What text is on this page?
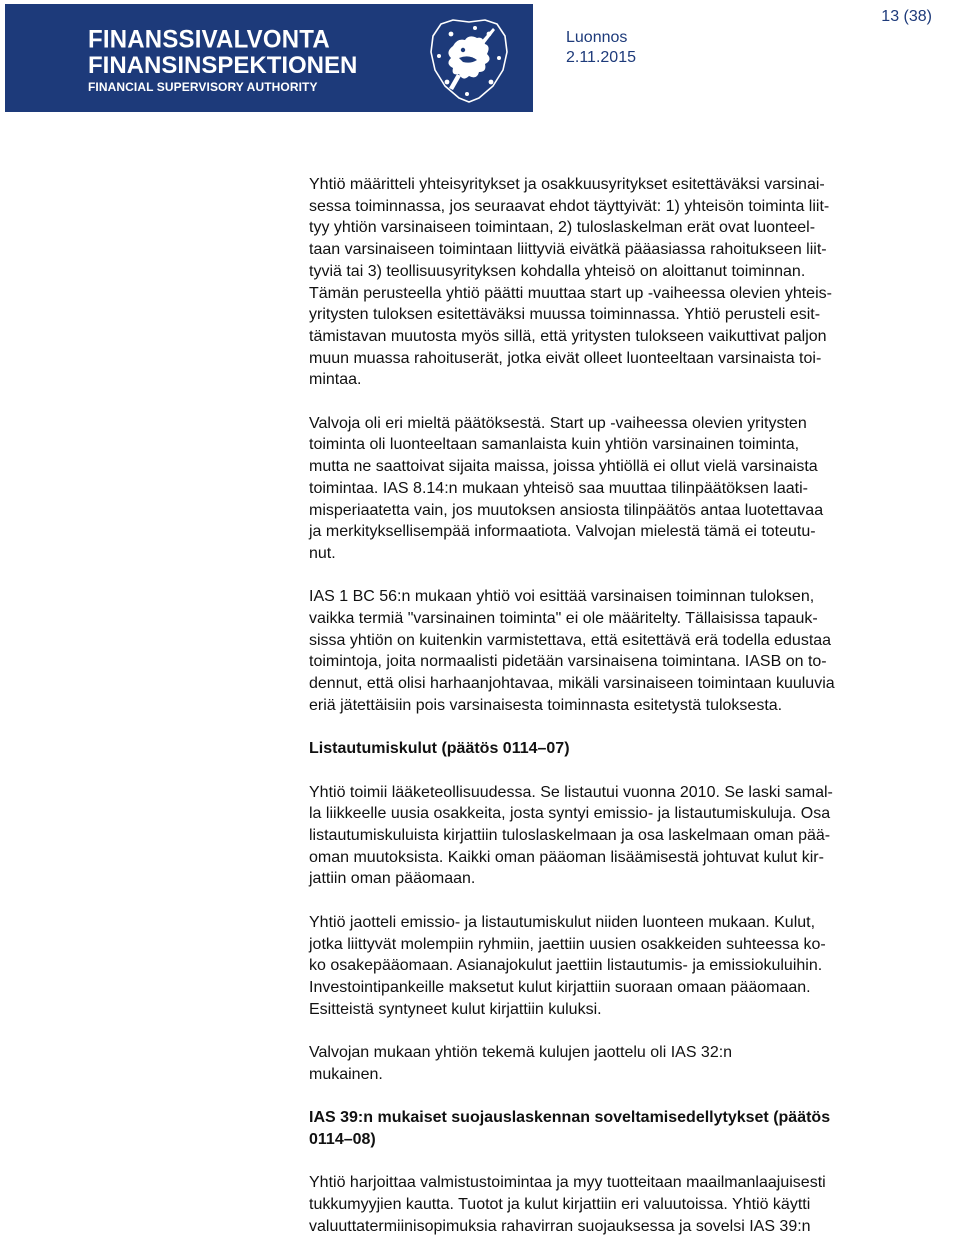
FINANSSIVALVONTA
FINANSINSPEKTIONEN
FINANCIAL SUPERVISORY AUTHORITY
Luonnos
2.11.2015
13 (38)

Yhtiö määritteli yhteisyritykset ja osakkuusyritykset esitettäväksi varsinai-
sessa toiminnassa, jos seuraavat ehdot täyttyivät: 1) yhteisön toiminta liit-
tyy yhtiön varsinaiseen toimintaan, 2) tuloslaskelman erät ovat luonteel-
taan varsinaiseen toimintaan liittyviä eivätkä pääasiassa rahoitukseen liit-
tyviä tai 3) teollisuusyrityksen kohdalla yhteisö on aloittanut toiminnan.
Tämän perusteella yhtiö päätti muuttaa start up -vaiheessa olevien yhteis-
yritysten tuloksen esitettäväksi muussa toiminnassa. Yhtiö perusteli esit-
tämistavan muutosta myös sillä, että yritysten tulokseen vaikuttivat paljon
muun muassa rahoituserät, jotka eivät olleet luonteeltaan varsinaista toi-
mintaa.

Valvoja oli eri mieltä päätöksestä. Start up -vaiheessa olevien yritysten
toiminta oli luonteeltaan samanlaista kuin yhtiön varsinainen toiminta,
mutta ne saattoivat sijaita maissa, joissa yhtiöllä ei ollut vielä varsinaista
toimintaa. IAS 8.14:n mukaan yhteisö saa muuttaa tilinpäätöksen laati-
misperiaatetta vain, jos muutoksen ansiosta tilinpäätös antaa luotettavaa
ja merkityksellisempää informaatiota. Valvojan mielestä tämä ei toteutu-
nut.

IAS 1 BC 56:n mukaan yhtiö voi esittää varsinaisen toiminnan tuloksen,
vaikka termiä "varsinainen toiminta" ei ole määritelty. Tällaisissa tapauk-
sissa yhtiön on kuitenkin varmistettava, että esitettävä erä todella edustaa
toimintoja, joita normaalisti pidetään varsinaisena toimintana. IASB on to-
dennut, että olisi harhaanjohtavaa, mikäli varsinaiseen toimintaan kuuluvia
eriä jätettäisiin pois varsinaisesta toiminnasta esitetystä tuloksesta.

Listautumiskulut (päätös 0114–07)

Yhtiö toimii lääketeollisuudessa. Se listautui vuonna 2010. Se laski samal-
la liikkeelle uusia osakkeita, josta syntyi emissio- ja listautumiskuluja. Osa
listautumiskuluista kirjattiin tuloslaskelmaan ja osa laskelmaan oman pää-
oman muutoksista. Kaikki oman pääoman lisäämisestä johtuvat kulut kir-
jattiin oman pääomaan.

Yhtiö jaotteli emissio- ja listautumiskulut niiden luonteen mukaan. Kulut,
jotka liittyvät molempiin ryhmiin, jaettiin uusien osakkeiden suhteessa ko-
ko osakepääomaan. Asianajokulut jaettiin listautumis- ja emissiokuluihin.
Investointipankeille maksetut kulut kirjattiin suoraan omaan pääomaan.
Esitteistä syntyneet kulut kirjattiin kuluksi.

Valvojan mukaan yhtiön tekemä kulujen jaottelu oli IAS 32:n
mukainen.

IAS 39:n mukaiset suojauslaskennan soveltamisedellytykset (päätös
0114–08)

Yhtiö harjoittaa valmistustoimintaa ja myy tuotteitaan maailmanlaajuisesti
tukkumyyjien kautta. Tuotot ja kulut kirjattiin eri valuutoissa. Yhtiö käytti
valuuttatermiinisopimuksia rahavirran suojauksessa ja sovelsi IAS 39:n
